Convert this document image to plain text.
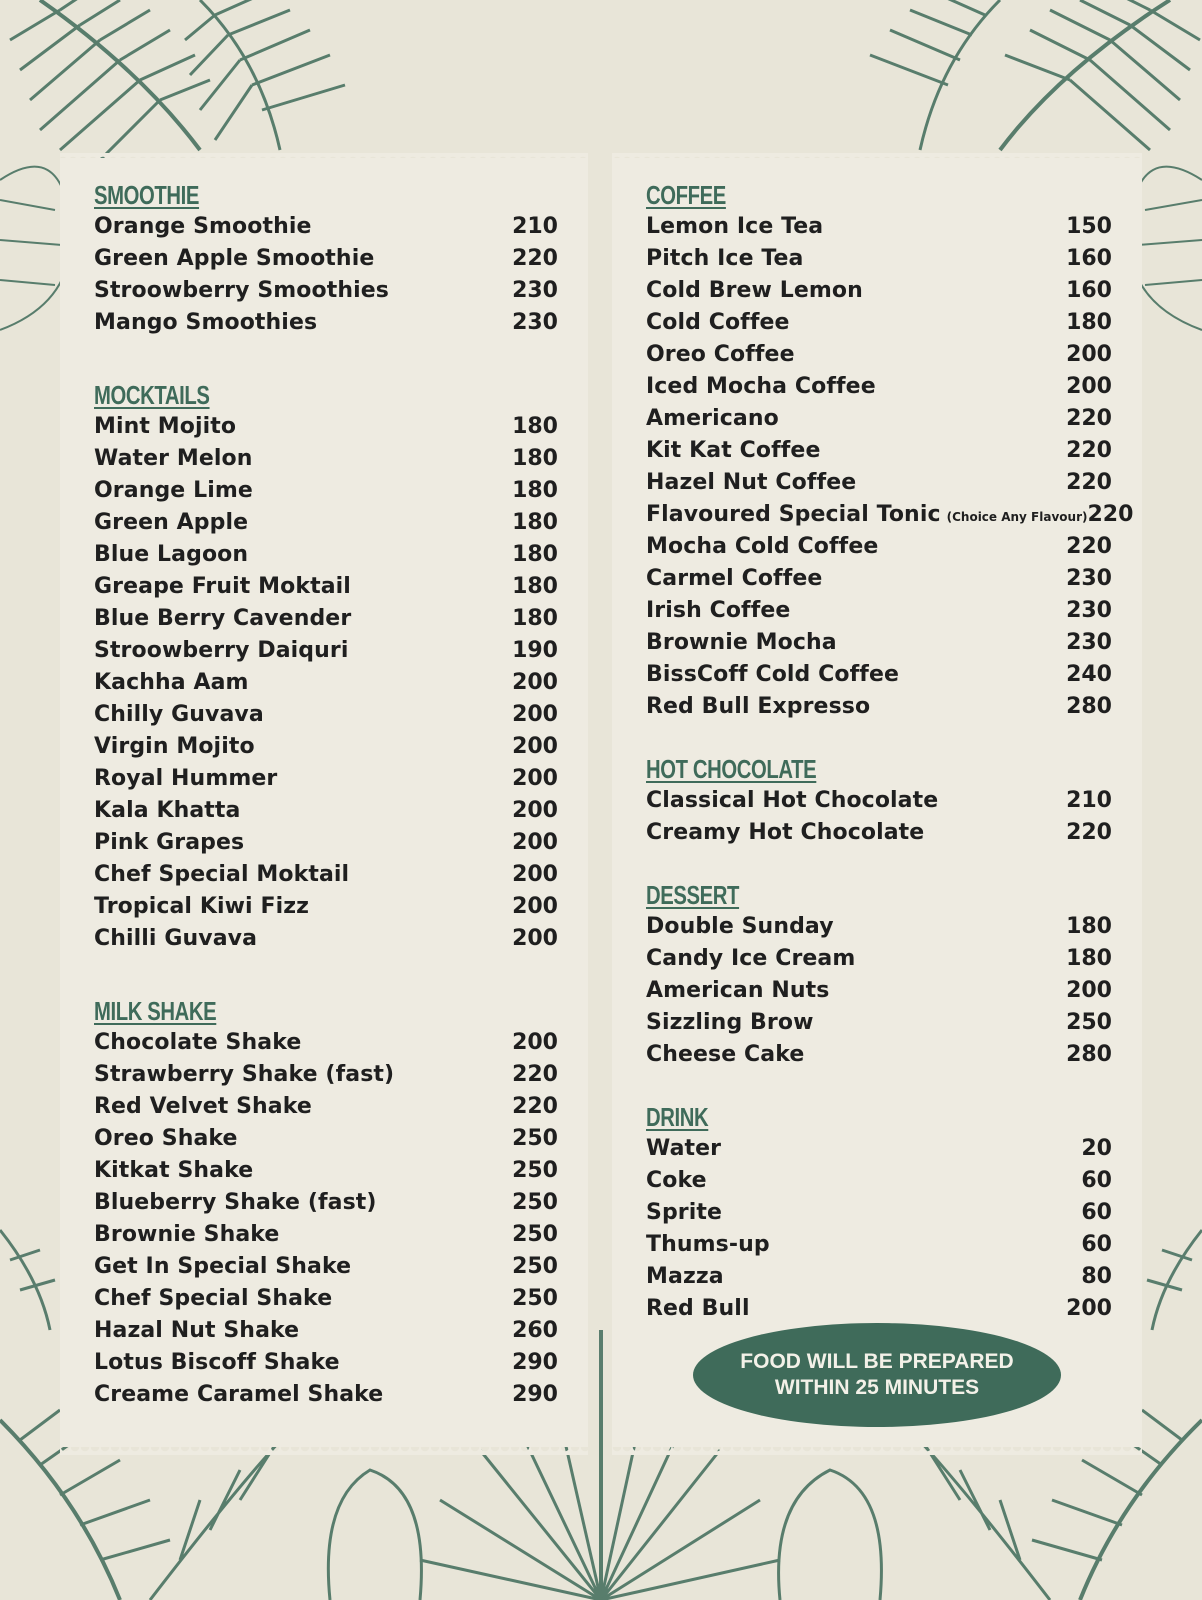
SMOOTHIE
Orange Smoothie	210
Green Apple Smoothie	220
Stroowberry Smoothies	230
Mango Smoothies	230
MOCKTAILS
Mint Mojito	180
Water Melon	180
Orange Lime	180
Green Apple	180
Blue Lagoon	180
Greape Fruit Moktail	180
Blue Berry Cavender	180
Stroowberry Daiquri	190
Kachha Aam	200
Chilly Guvava	200
Virgin Mojito	200
Royal Hummer	200
Kala Khatta	200
Pink Grapes	200
Chef Special Moktail	200
Tropical Kiwi Fizz	200
Chilli Guvava	200
MILK SHAKE
Chocolate Shake	200
Strawberry Shake (fast)	220
Red Velvet Shake	220
Oreo Shake	250
Kitkat Shake	250
Blueberry Shake (fast)	250
Brownie Shake	250
Get In Special Shake	250
Chef Special Shake	250
Hazal Nut Shake	260
Lotus Biscoff Shake	290
Creame Caramel Shake	290
COFFEE
Lemon Ice Tea	150
Pitch Ice Tea	160
Cold Brew Lemon	160
Cold Coffee	180
Oreo Coffee	200
Iced Mocha Coffee	200
Americano	220
Kit Kat Coffee	220
Hazel Nut Coffee	220
Flavoured Special Tonic (Choice Any Flavour) 220
Mocha Cold Coffee	220
Carmel Coffee	230
Irish Coffee	230
Brownie Mocha	230
BissCoff Cold Coffee	240
Red Bull Expresso	280
HOT CHOCOLATE
Classical Hot Chocolate	210
Creamy Hot Chocolate	220
DESSERT
Double Sunday	180
Candy Ice Cream	180
American Nuts	200
Sizzling Brow	250
Cheese Cake	280
DRINK
Water	20
Coke	60
Sprite	60
Thums-up	60
Mazza	80
Red Bull	200
FOOD WILL BE PREPARED
WITHIN 25 MINUTES
